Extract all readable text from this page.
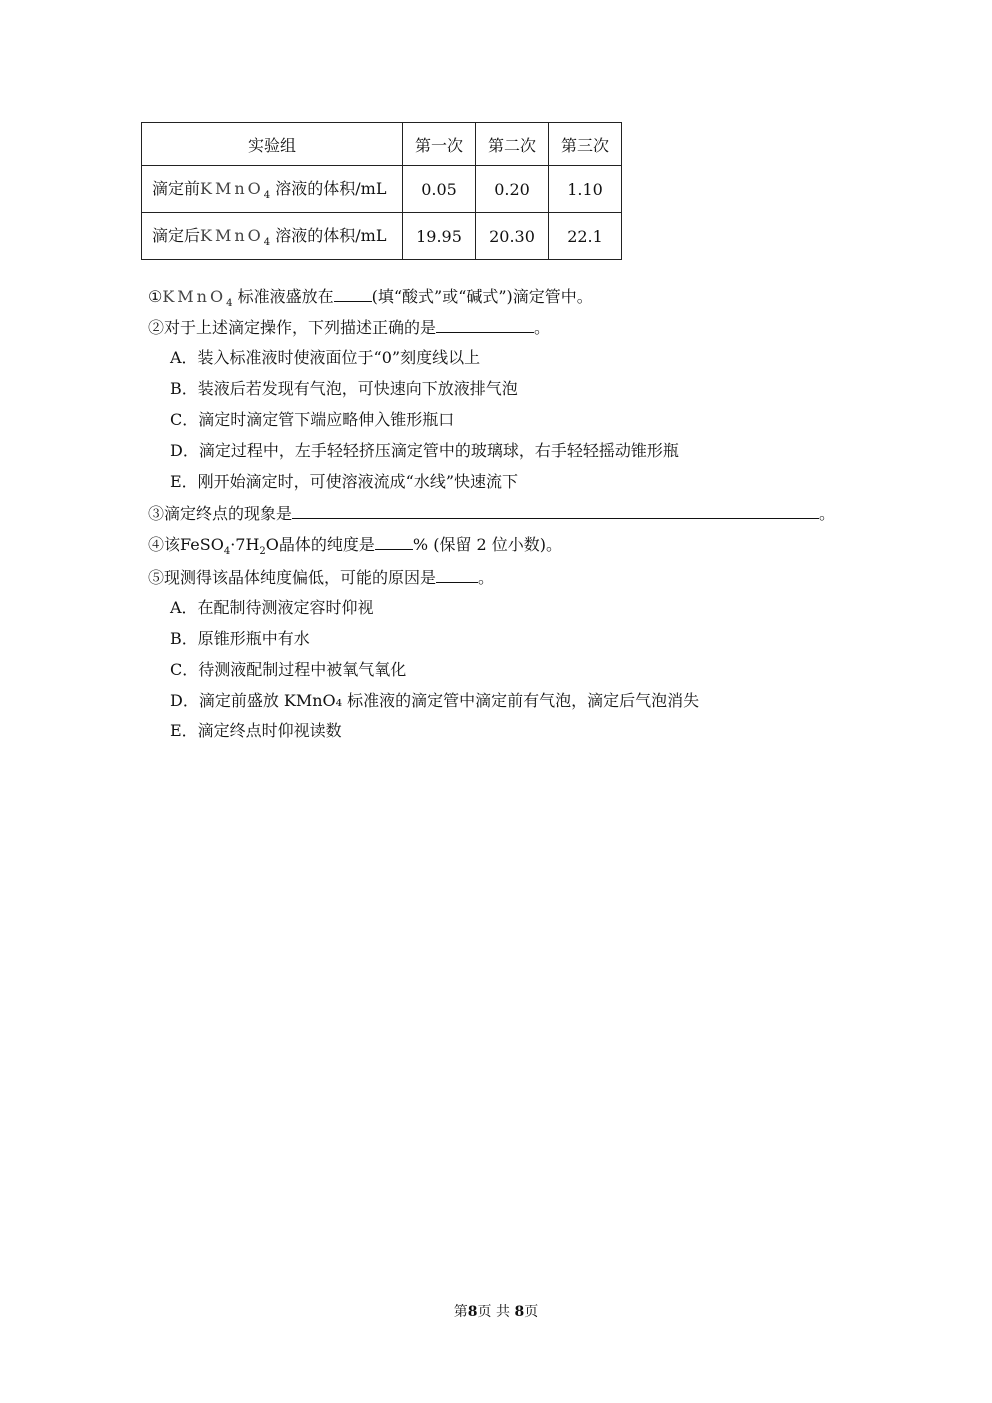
实验组	第一次	第二次	第三次
滴定前KMnO$_4$ 溶液的体积/mL	0.05	0.20	1.10
滴定后KMnO$_4$ 溶液的体积/mL	19.95	20.30	22.1
①KMnO$_4$ 标准液盛放在 (填“酸式”或“碱式”)滴定管中。
②对于上述滴定操作，下列描述正确的是	。
A．装入标准液时使液面位于“0”刻度线以上
B．装液后若发现有气泡，可快速向下放液排气泡
C．滴定时滴定管下端应略伸入锥形瓶口
D．滴定过程中，左手轻轻挤压滴定管中的玻璃球，右手轻轻摇动锥形瓶
E．刚开始滴定时，可使溶液流成“水线”快速流下
③滴定终点的现象是	。
④该$FeSO_4\cdot 7H_2O$晶体的纯度是 % (保留 2 位小数)。
⑤现测得该晶体纯度偏低，可能的原因是	。
A．在配制待测液定容时仰视
B．原锥形瓶中有水
C．待测液配制过程中被氧气氧化
D．滴定前盛放 KMnO₄ 标准液的滴定管中滴定前有气泡，滴定后气泡消失
E．滴定终点时仰视读数
第8页 共 8页
